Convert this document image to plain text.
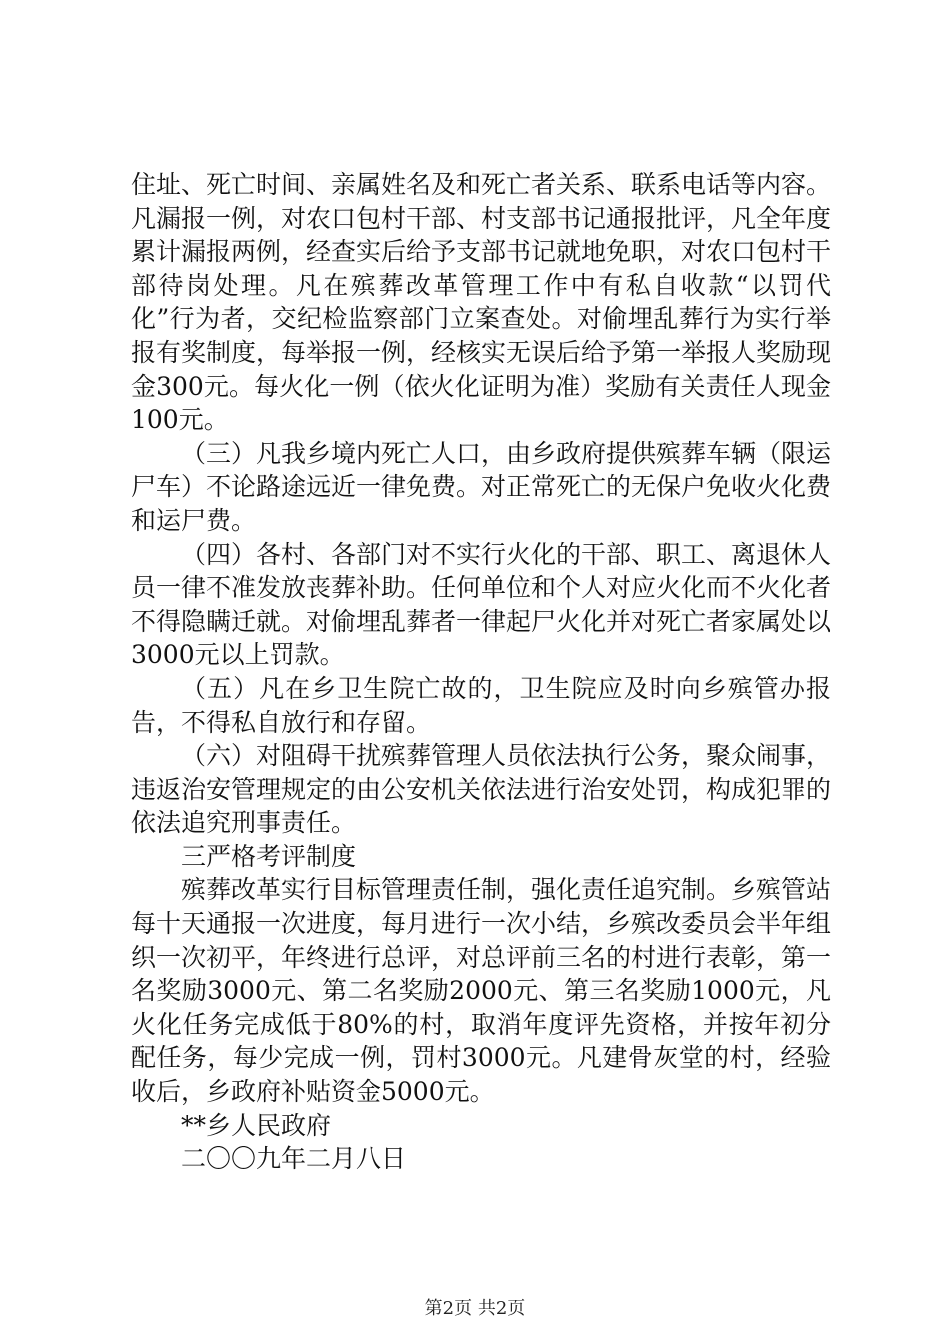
住址、死亡时间、亲属姓名及和死亡者关系、联系电话等内容。凡漏报一例，对农口包村干部、村支部书记通报批评，凡全年度累计漏报两例，经查实后给予支部书记就地免职，对农口包村干部待岗处理。凡在殡葬改革管理工作中有私自收款“以罚代化”行为者，交纪检监察部门立案查处。对偷埋乱葬行为实行举报有奖制度，每举报一例，经核实无误后给予第一举报人奖励现金300元。每火化一例（依火化证明为准）奖励有关责任人现金100元。

（三）凡我乡境内死亡人口，由乡政府提供殡葬车辆（限运尸车）不论路途远近一律免费。对正常死亡的无保户免收火化费和运尸费。

（四）各村、各部门对不实行火化的干部、职工、离退休人员一律不准发放丧葬补助。任何单位和个人对应火化而不火化者不得隐瞒迁就。对偷埋乱葬者一律起尸火化并对死亡者家属处以3000元以上罚款。

（五）凡在乡卫生院亡故的，卫生院应及时向乡殡管办报告，不得私自放行和存留。

（六）对阻碍干扰殡葬管理人员依法执行公务，聚众闹事，违返治安管理规定的由公安机关依法进行治安处罚，构成犯罪的依法追究刑事责任。

三严格考评制度

殡葬改革实行目标管理责任制，强化责任追究制。乡殡管站每十天通报一次进度，每月进行一次小结，乡殡改委员会半年组织一次初平，年终进行总评，对总评前三名的村进行表彰，第一名奖励3000元、第二名奖励2000元、第三名奖励1000元，凡火化任务完成低于80%的村，取消年度评先资格，并按年初分配任务，每少完成一例，罚村3000元。凡建骨灰堂的村，经验收后，乡政府补贴资金5000元。

**乡人民政府

二〇〇九年二月八日

第2页 共2页
